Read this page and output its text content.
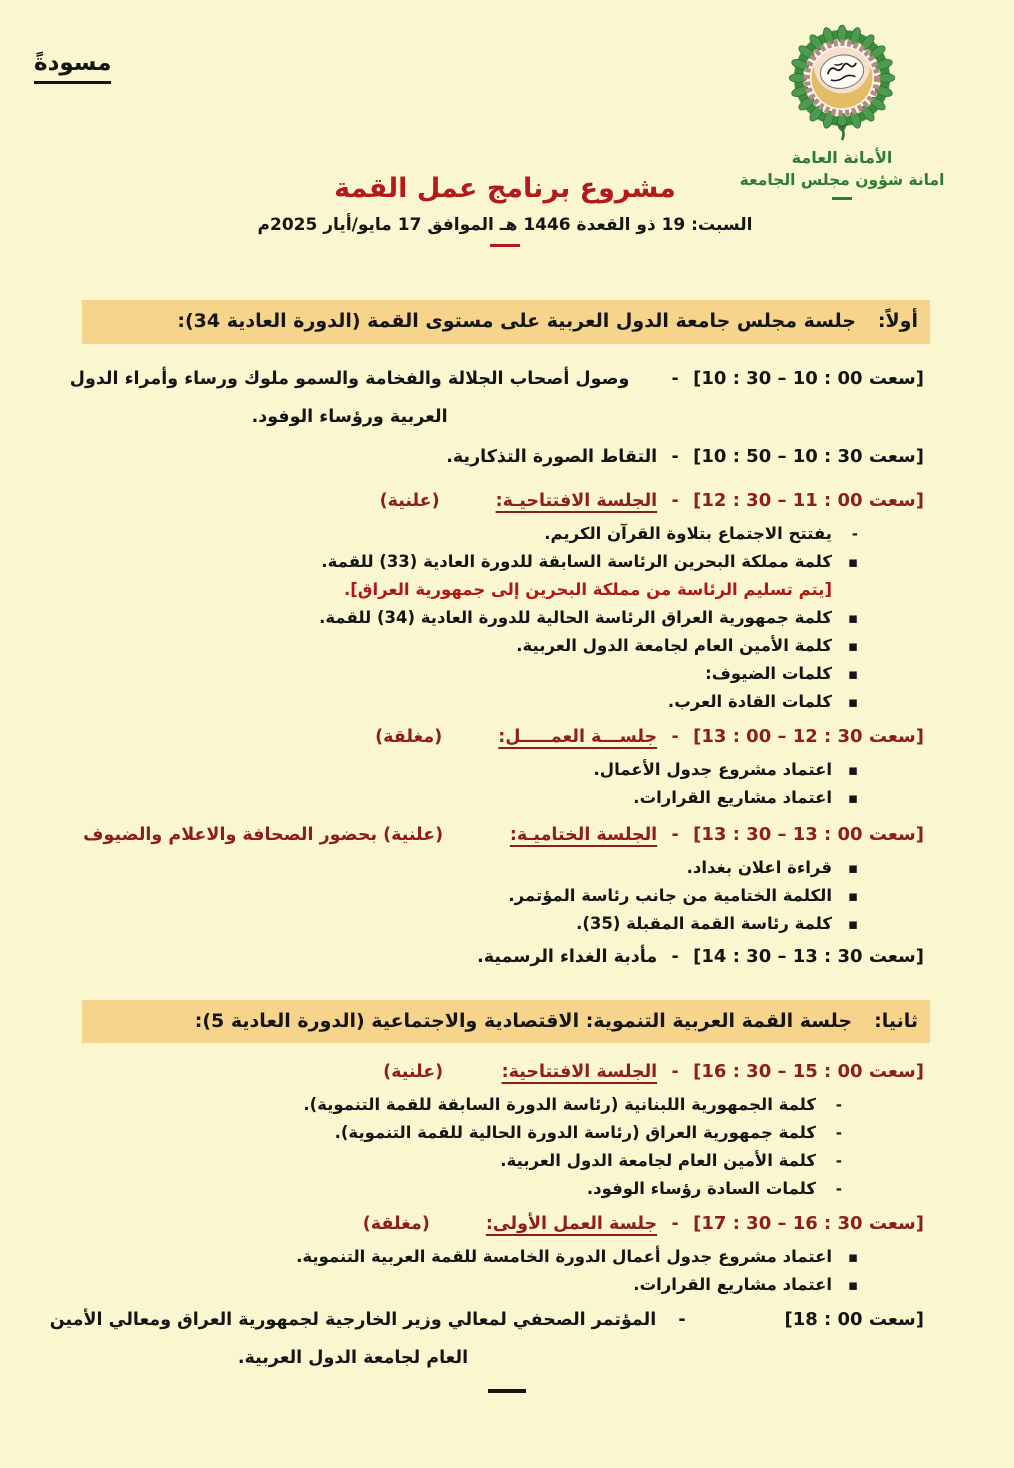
مسودةً
الأمانة العامة
امانة شؤون مجلس الجامعة
مشروع برنامج عمل القمة
السبت: 19 ذو القعدة 1446 هـ الموافق 17 مايو/أيار 2025م
أولاً:جلسة مجلس جامعة الدول العربية على مستوى القمة (الدورة العادية 34):
[10 : 30 – 10 : 00 سعت]
-
وصول أصحاب الجلالة والفخامة والسمو ملوك ورساء وأمراء الدول العربية ورؤساء الوفود.
[10 : 50 – 10 : 30 سعت]
-
التقاط الصورة التذكارية.
[12 : 30 – 11 : 00 سعت]
-
الجلسة الافتتاحيـة:(علنية)
-
يفتتح الاجتماع بتلاوة القرآن الكريم.
▪
كلمة مملكة البحرين الرئاسة السابقة للدورة العادية (33) للقمة.
[يتم تسليم الرئاسة من مملكة البحرين إلى جمهورية العراق].
▪
كلمة جمهورية العراق الرئاسة الحالية للدورة العادية (34) للقمة.
▪
كلمة الأمين العام لجامعة الدول العربية.
▪
كلمات الضيوف:
▪
كلمات القادة العرب.
[13 : 00 – 12 : 30 سعت]
-
جلســـة العمـــــل:(مغلقة)
▪
اعتماد مشروع جدول الأعمال.
▪
اعتماد مشاريع القرارات.
[13 : 30 – 13 : 00 سعت]
-
الجلسة الختاميـة:(علنية) بحضور الصحافة والاعلام والضيوف
▪
قراءة اعلان بغداد.
▪
الكلمة الختامية من جانب رئاسة المؤتمر.
▪
كلمة رئاسة القمة المقبلة (35).
[14 : 30 – 13 : 30 سعت]
-
مأدبة الغداء الرسمية.
ثانيا:جلسة القمة العربية التنموية: الاقتصادية والاجتماعية (الدورة العادية 5):
[16 : 30 – 15 : 00 سعت]
-
الجلسة الافتتاحية:(علنية)
-
كلمة الجمهورية اللبنانية (رئاسة الدورة السابقة للقمة التنموية).
-
كلمة جمهورية العراق (رئاسة الدورة الحالية للقمة التنموية).
-
كلمة الأمين العام لجامعة الدول العربية.
-
كلمات السادة رؤساء الوفود.
[17 : 30 – 16 : 30 سعت]
-
جلسة العمل الأولى:(مغلقة)
▪
اعتماد مشروع جدول أعمال الدورة الخامسة للقمة العربية التنموية.
▪
اعتماد مشاريع القرارات.
[18 : 00 سعت]
-
المؤتمر الصحفي لمعالي وزير الخارجية لجمهورية العراق ومعالي الأمين العام لجامعة الدول العربية.
